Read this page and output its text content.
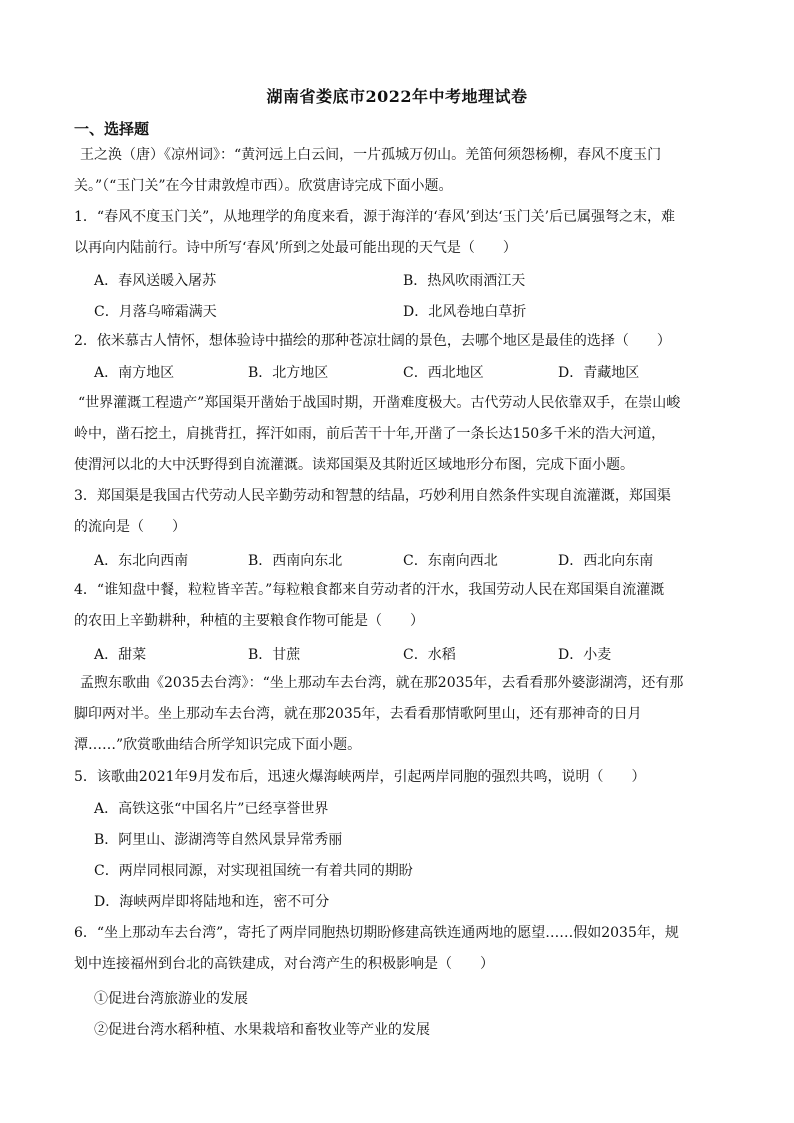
湖南省娄底市2022年中考地理试卷
一、选择题
王之涣（唐）《凉州词》：“黄河远上白云间，一片孤城万仞山。羌笛何须怨杨柳，春风不度玉门
关。”（“玉门关”在今甘肃敦煌市西）。欣赏唐诗完成下面小题。
1．“春风不度玉门关”，从地理学的角度来看，源于海洋的‘春风’到达‘玉门关’后已属强弩之末，难
以再向内陆前行。诗中所写‘春风’所到之处最可能出现的天气是（　　）
A．春风送暖入屠苏	B．热风吹雨酒江天
C．月落乌啼霜满天	D．北风卷地白草折
2．依米慕古人情怀，想体验诗中描绘的那种苍凉壮阔的景色，去哪个地区是最佳的选择（　　）
A．南方地区	B．北方地区	C．西北地区	D．青藏地区
“世界灌溉工程遗产”郑国渠开凿始于战国时期，开凿难度极大。古代劳动人民依靠双手，在崇山峻
岭中，凿石挖土，肩挑背扛，挥汗如雨，前后苦干十年,开凿了一条长达150多千米的浩大河道，
使渭河以北的大中沃野得到自流灌溉。读郑国渠及其附近区域地形分布图，完成下面小题。
3．郑国渠是我国古代劳动人民辛勤劳动和智慧的结晶，巧妙利用自然条件实现自流灌溉，郑国渠
的流向是（　　）
A．东北向西南	B．西南向东北	C．东南向西北	D．西北向东南
4．“谁知盘中餐，粒粒皆辛苦。”每粒粮食都来自劳动者的汗水，我国劳动人民在郑国渠自流灌溉
的农田上辛勤耕种，种植的主要粮食作物可能是（　　）
A．甜菜	B．甘蔗	C．水稻	D．小麦
孟煦东歌曲《2035去台湾》：“坐上那动车去台湾，就在那2035年，去看看那外婆澎湖湾，还有那
脚印两对半。坐上那动车去台湾，就在那2035年，去看看那情歌阿里山，还有那神奇的日月
潭……”欣赏歌曲结合所学知识完成下面小题。
5．该歌曲2021年9月发布后，迅速火爆海峡两岸，引起两岸同胞的强烈共鸣，说明（　　）
A．高铁这张“中国名片”已经享誉世界
B．阿里山、澎湖湾等自然风景异常秀丽
C．两岸同根同源，对实现祖国统一有着共同的期盼
D．海峡两岸即将陆地和连，密不可分
6．“坐上那动车去台湾”，寄托了两岸同胞热切期盼修建高铁连通两地的愿望……假如2035年，规
划中连接福州到台北的高铁建成，对台湾产生的积极影响是（　　）
①促进台湾旅游业的发展
②促进台湾水稻种植、水果栽培和畜牧业等产业的发展
